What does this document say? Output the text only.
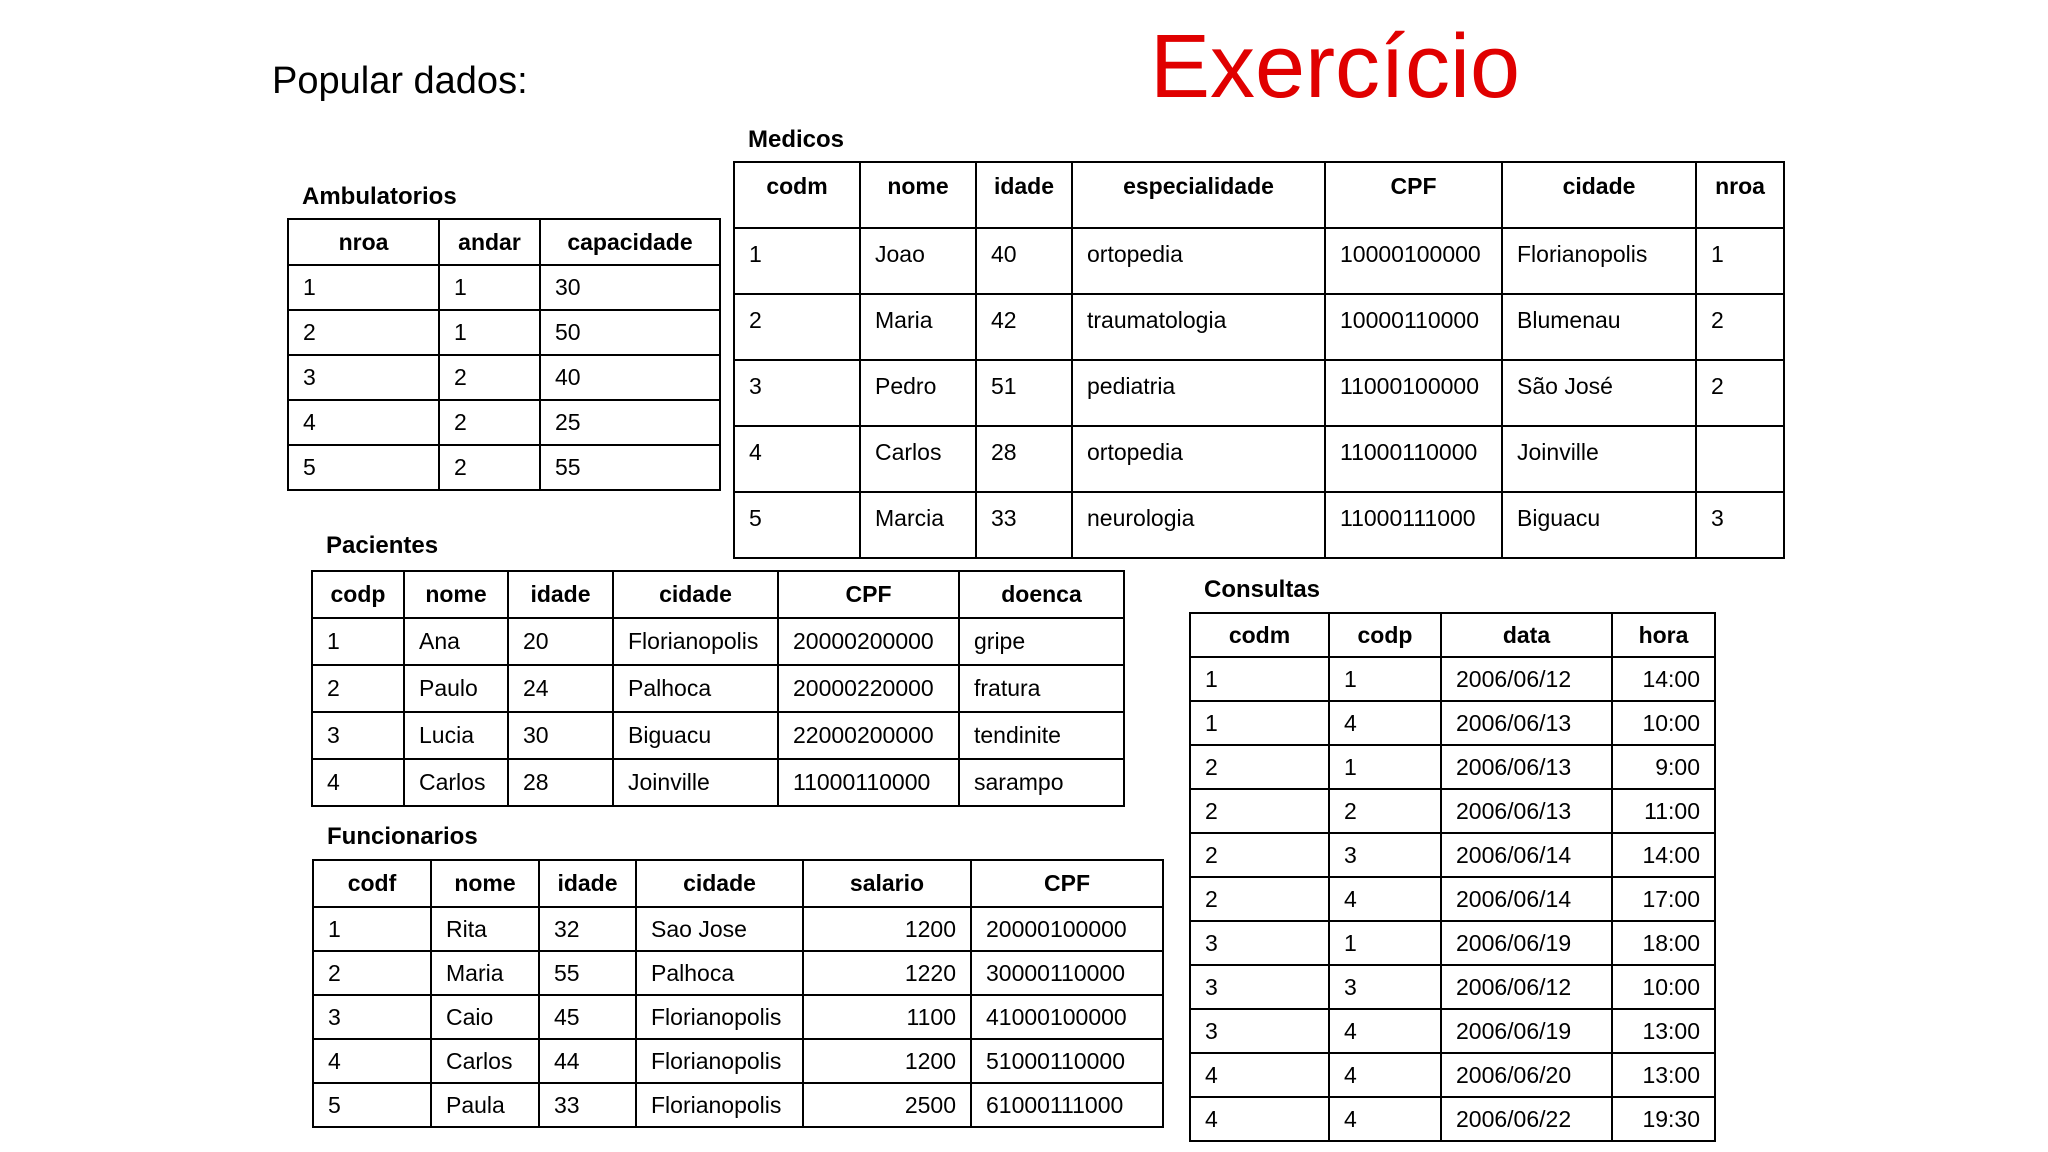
Popular dados:	Exercício
Ambulatorios
nroa	andar	capacidade
1	1	30
2	1	50
3	2	40
4	2	25
5	2	55
Medicos
codm	nome	idade	especialidade	CPF	cidade	nroa
1	Joao	40	ortopedia	10000100000	Florianopolis	1
2	Maria	42	traumatologia	10000110000	Blumenau	2
3	Pedro	51	pediatria	11000100000	São José	2
4	Carlos	28	ortopedia	11000110000	Joinville	
5	Marcia	33	neurologia	11000111000	Biguacu	3
Pacientes
codp	nome	idade	cidade	CPF	doenca
1	Ana	20	Florianopolis	20000200000	gripe
2	Paulo	24	Palhoca	20000220000	fratura
3	Lucia	30	Biguacu	22000200000	tendinite
4	Carlos	28	Joinville	11000110000	sarampo
Funcionarios
codf	nome	idade	cidade	salario	CPF
1	Rita	32	Sao Jose	1200	20000100000
2	Maria	55	Palhoca	1220	30000110000
3	Caio	45	Florianopolis	1100	41000100000
4	Carlos	44	Florianopolis	1200	51000110000
5	Paula	33	Florianopolis	2500	61000111000
Consultas
codm	codp	data	hora
1	1	2006/06/12	14:00
1	4	2006/06/13	10:00
2	1	2006/06/13	9:00
2	2	2006/06/13	11:00
2	3	2006/06/14	14:00
2	4	2006/06/14	17:00
3	1	2006/06/19	18:00
3	3	2006/06/12	10:00
3	4	2006/06/19	13:00
4	4	2006/06/20	13:00
4	4	2006/06/22	19:30
